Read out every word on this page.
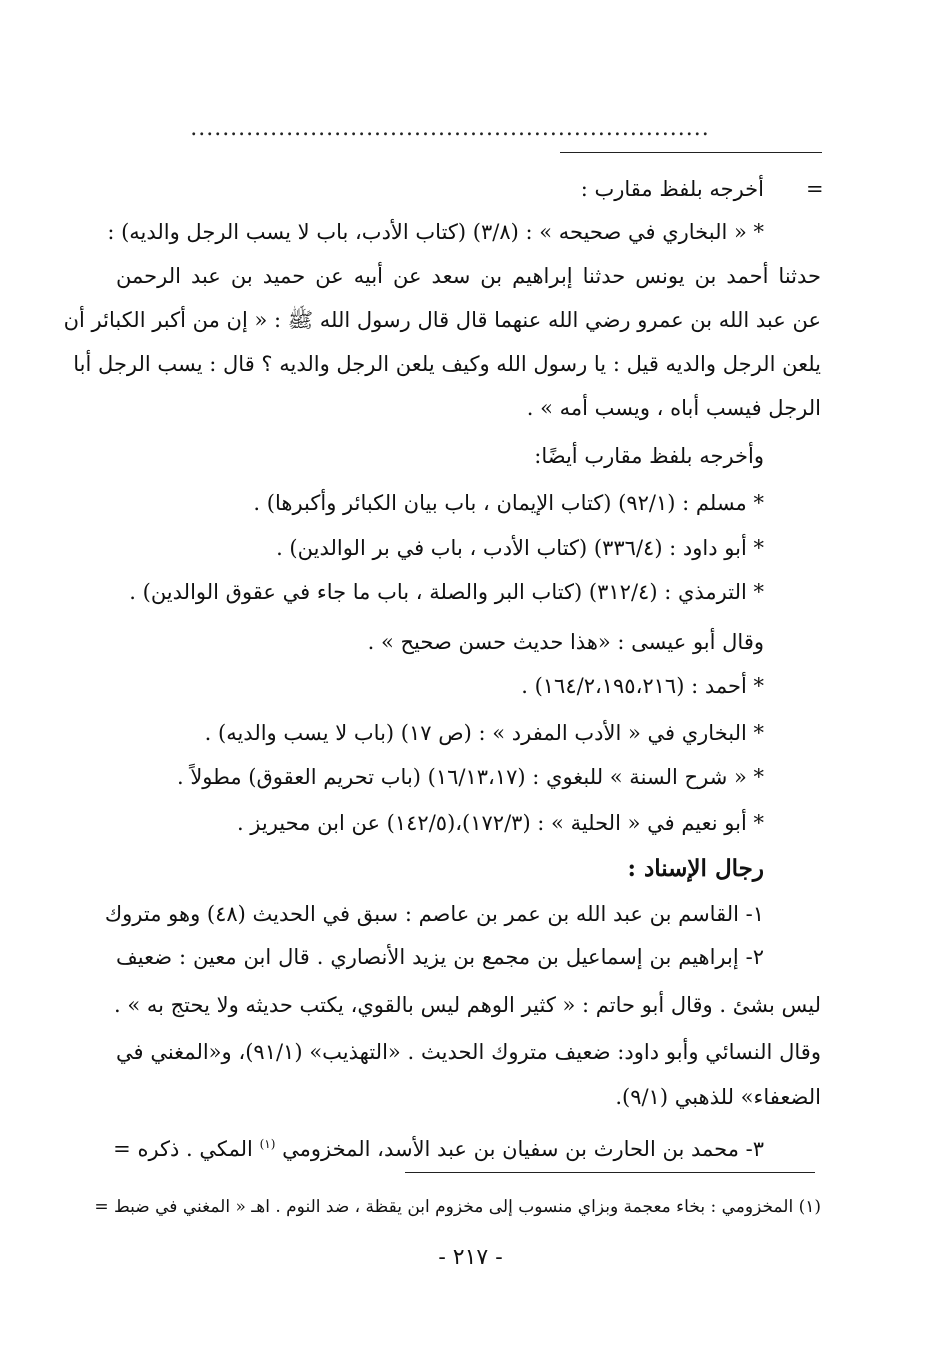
.................................................................
=
أخرجه بلفظ مقارب :
* « البخاري في صحيحه » : (٣/٨) (كتاب الأدب، باب لا يسب الرجل والديه) :
حدثنا أحمد بن يونس حدثنا إبراهيم بن سعد عن أبيه عن حميد بن عبد الرحمن
عن عبد الله بن عمرو رضي الله عنهما قال قال رسول الله ﷺ : « إن من أكبر الكبائر أن
يلعن الرجل والديه قيل : يا رسول الله وكيف يلعن الرجل والديه ؟ قال : يسب الرجل أبا
الرجل فيسب أباه ، ويسب أمه » .
وأخرجه بلفظ مقارب أيضًا:
* مسلم : (٩٢/١) (كتاب الإيمان ، باب بيان الكبائر وأكبرها) .
* أبو داود : (٣٣٦/٤) (كتاب الأدب ، باب في بر الوالدين) .
* الترمذي : (٣١٢/٤) (كتاب البر والصلة ، باب ما جاء في عقوق الوالدين) .
وقال أبو عيسى : «هذا حديث حسن صحيح » .
* أحمد : (١٦٤/٢،١٩٥،٢١٦) .
* البخاري في « الأدب المفرد » : (ص ١٧) (باب لا يسب والديه) .
* « شرح السنة » للبغوي : (١٦/١٣،١٧) (باب تحريم العقوق) مطولاً .
* أبو نعيم في « الحلية » : (١٧٢/٣)،(١٤٢/٥) عن ابن محيريز .
رجال الإسناد :
١- القاسم بن عبد الله بن عمر بن عاصم : سبق في الحديث (٤٨) وهو متروك
٢- إبراهيم بن إسماعيل بن مجمع بن يزيد الأنصاري . قال ابن معين : ضعيف
ليس بشئ . وقال أبو حاتم : « كثير الوهم ليس بالقوي، يكتب حديثه ولا يحتج به » .
وقال النسائي وأبو داود: ضعيف متروك الحديث . «التهذيب» (٩١/١)، و«المغني في
الضعفاء» للذهبي (٩/١).
٣- محمد بن الحارث بن سفيان بن عبد الأسد، المخزومي $^{(١)}$ المكي . ذكره =
(١) المخزومي : بخاء معجمة وبزاي منسوب إلى مخزوم ابن يقظة ، ضد النوم . اهـ « المغني في ضبط =
- ٢١٧ -
